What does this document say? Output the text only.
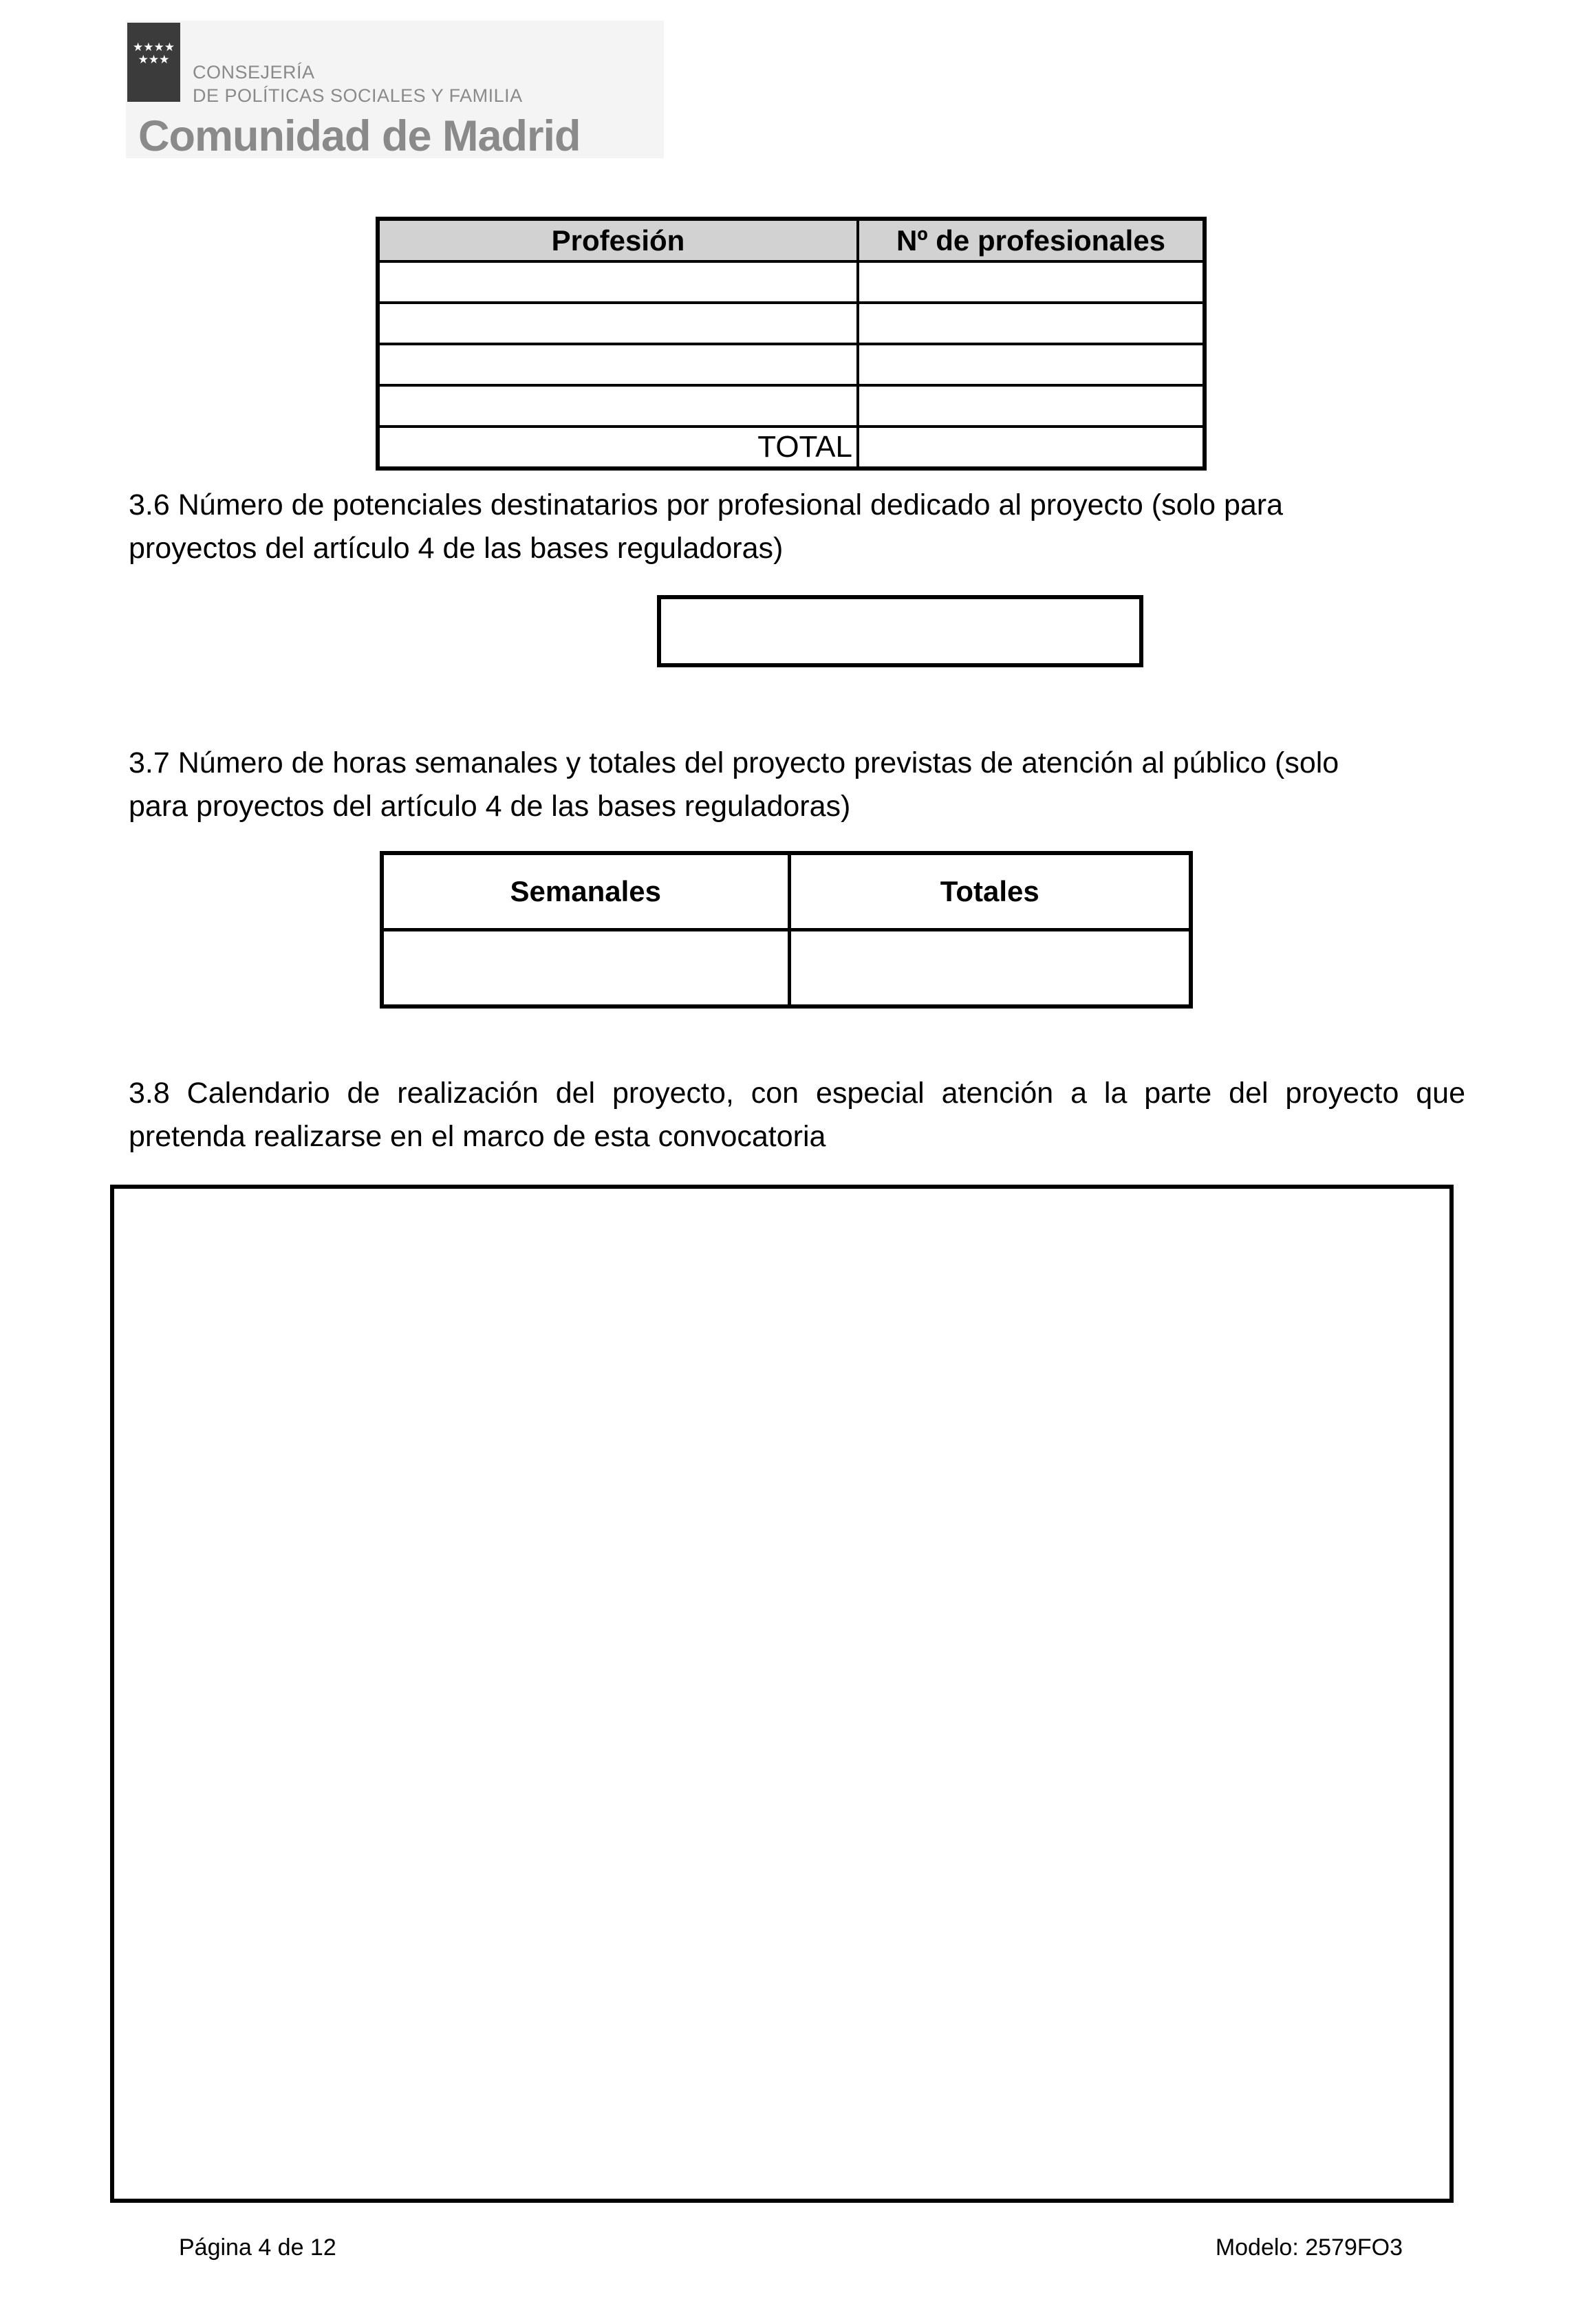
★★★★
★★★
CONSEJERÍA
DE POLÍTICAS SOCIALES Y FAMILIA
Comunidad de Madrid
Profesión	Nº de profesionales

TOTAL	
3.6 Número de potenciales destinatarios por profesional dedicado al proyecto (solo para
proyectos del artículo 4 de las bases reguladoras)
3.7 Número de horas semanales y totales del proyecto previstas de atención al público (solo
para proyectos del artículo 4 de las bases reguladoras)
Semanales	Totales

3.8 Calendario de realización del proyecto, con especial atención a la parte del proyecto que
pretenda realizarse en el marco de esta convocatoria
Página 4 de 12	Modelo: 2579FO3
